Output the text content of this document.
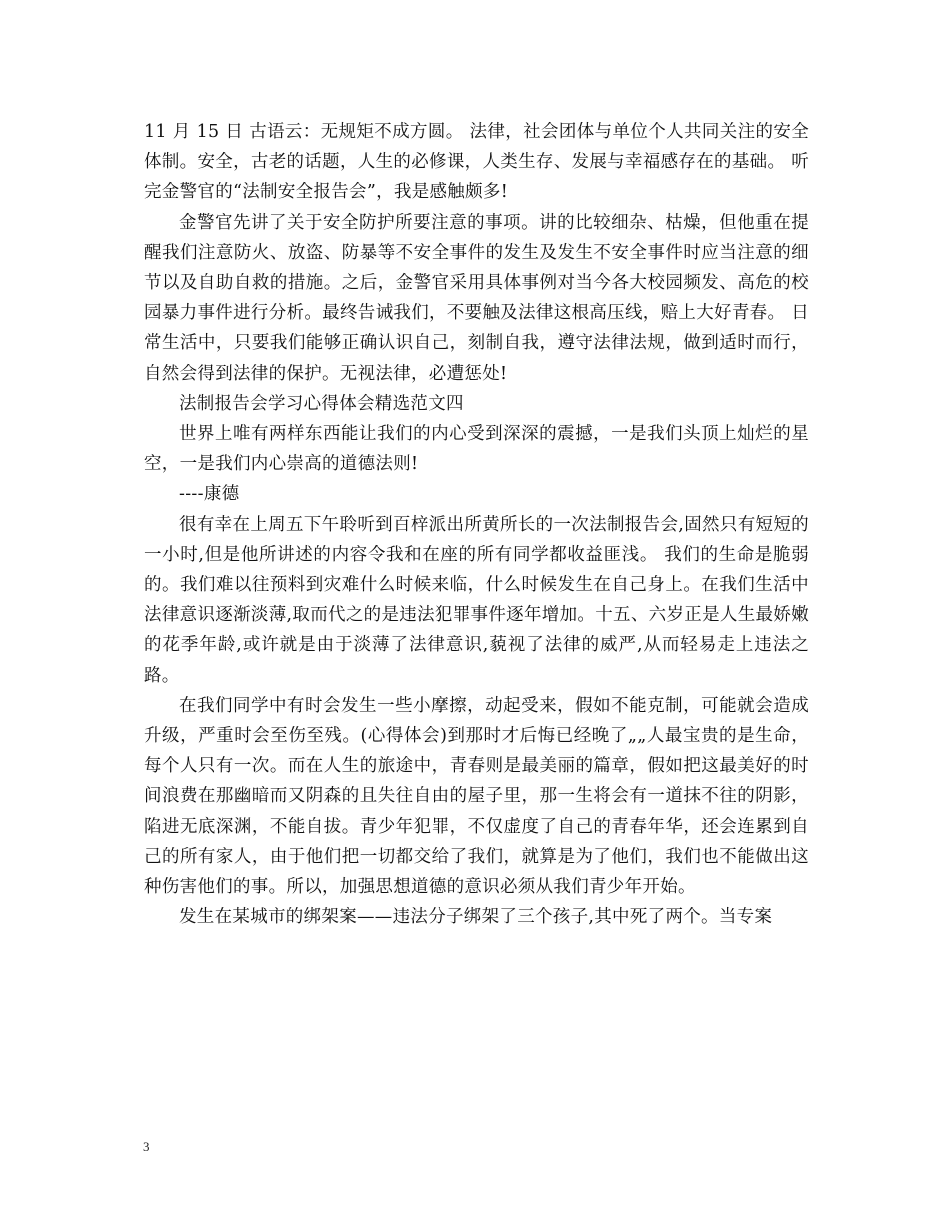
11 月 15 日 古语云：无规矩不成方圆。 法律，社会团体与单位个人共同关注的安全体制。安全，古老的话题，人生的必修课，人类生存、发展与幸福感存在的基础。 听完金警官的“法制安全报告会”，我是感触颇多!

金警官先讲了关于安全防护所要注意的事项。讲的比较细杂、枯燥，但他重在提醒我们注意防火、放盗、防暴等不安全事件的发生及发生不安全事件时应当注意的细节以及自助自救的措施。之后，金警官采用具体事例对当今各大校园频发、高危的校园暴力事件进行分析。最终告诫我们，不要触及法律这根高压线，赔上大好青春。 日常生活中，只要我们能够正确认识自己，刻制自我，遵守法律法规，做到适时而行，自然会得到法律的保护。无视法律，必遭惩处!

法制报告会学习心得体会精选范文四

世界上唯有两样东西能让我们的内心受到深深的震撼，一是我们头顶上灿烂的星空，一是我们内心崇高的道德法则!

----康德

很有幸在上周五下午聆听到百梓派出所黄所长的一次法制报告会,固然只有短短的一小时,但是他所讲述的内容令我和在座的所有同学都收益匪浅。 我们的生命是脆弱的。我们难以往预料到灾难什么时候来临，什么时候发生在自己身上。在我们生活中法律意识逐渐淡薄,取而代之的是违法犯罪事件逐年增加。十五、六岁正是人生最娇嫩的花季年龄,或许就是由于淡薄了法律意识,藐视了法律的威严,从而轻易走上违法之路。

在我们同学中有时会发生一些小摩擦，动起受来，假如不能克制，可能就会造成升级，严重时会至伤至残。(心得体会)到那时才后悔已经晚了„„人最宝贵的是生命，每个人只有一次。而在人生的旅途中，青春则是最美丽的篇章，假如把这最美好的时间浪费在那幽暗而又阴森的且失往自由的屋子里，那一生将会有一道抹不往的阴影，陷进无底深渊，不能自拔。青少年犯罪，不仅虚度了自己的青春年华，还会连累到自己的所有家人，由于他们把一切都交给了我们，就算是为了他们，我们也不能做出这种伤害他们的事。所以，加强思想道德的意识必须从我们青少年开始。

发生在某城市的绑架案——违法分子绑架了三个孩子,其中死了两个。当专案

3
